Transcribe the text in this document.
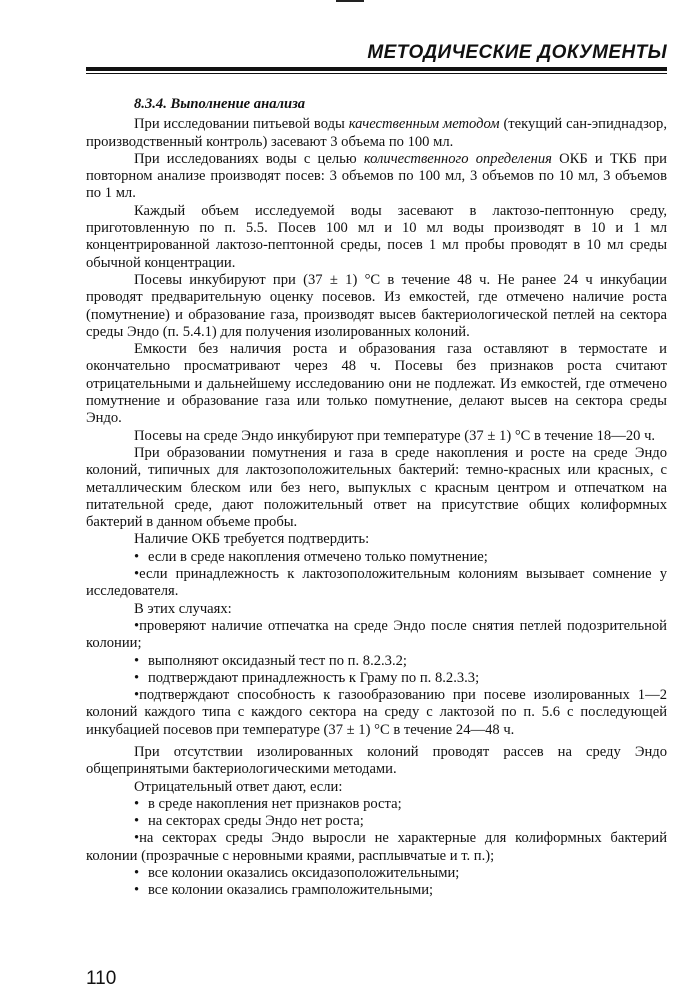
МЕТОДИЧЕСКИЕ ДОКУМЕНТЫ

8.3.4. Выполнение анализа

При исследовании питьевой воды качественным методом (текущий сан-эпиднадзор, производственный контроль) засевают 3 объема по 100 мл.

При исследованиях воды с целью количественного определения ОКБ и ТКБ при повторном анализе производят посев: 3 объемов по 100 мл, 3 объемов по 10 мл, 3 объемов по 1 мл.

Каждый объем исследуемой воды засевают в лактозо-пептонную среду, приготовленную по п. 5.5. Посев 100 мл и 10 мл воды производят в 10 и 1 мл концентрированной лактозо-пептонной среды, посев 1 мл пробы проводят в 10 мл среды обычной концентрации.

Посевы инкубируют при (37 ± 1) °С в течение 48 ч. Не ранее 24 ч инкубации проводят предварительную оценку посевов. Из емкостей, где отмечено наличие роста (помутнение) и образование газа, производят высев бактериологической петлей на сектора среды Эндо (п. 5.4.1) для получения изолированных колоний.

Емкости без наличия роста и образования газа оставляют в термостате и окончательно просматривают через 48 ч. Посевы без признаков роста считают отрицательными и дальнейшему исследованию они не подлежат. Из емкостей, где отмечено помутнение и образование газа или только помутнение, делают высев на сектора среды Эндо.

Посевы на среде Эндо инкубируют при температуре (37 ± 1) °С в течение 18—20 ч.

При образовании помутнения и газа в среде накопления и росте на среде Эндо колоний, типичных для лактозоположительных бактерий: темно-красных или красных, с металлическим блеском или без него, выпуклых с красным центром и отпечатком на питательной среде, дают положительный ответ на присутствие общих колиформных бактерий в данном объеме пробы.

Наличие ОКБ требуется подтвердить:

• если в среде накопления отмечено только помутнение;

•если принадлежность к лактозоположительным колониям вызывает сомнение у исследователя.

В этих случаях:

•проверяют наличие отпечатка на среде Эндо после снятия петлей подозрительной колонии;

• выполняют оксидазный тест по п. 8.2.3.2;

• подтверждают принадлежность к Граму по п. 8.2.3.3;

•подтверждают способность к газообразованию при посеве изолированных 1—2 колоний каждого типа с каждого сектора на среду с лактозой по п. 5.6 с последующей инкубацией посевов при температуре (37 ± 1) °С в течение 24—48 ч.

При отсутствии изолированных колоний проводят рассев на среду Эндо общепринятыми бактериологическими методами.

Отрицательный ответ дают, если:

• в среде накопления нет признаков роста;

• на секторах среды Эндо нет роста;

•на секторах среды Эндо выросли не характерные для колиформных бактерий колонии (прозрачные с неровными краями, расплывчатые и т. п.);

• все колонии оказались оксидазоположительными;

• все колонии оказались грамположительными;

110
